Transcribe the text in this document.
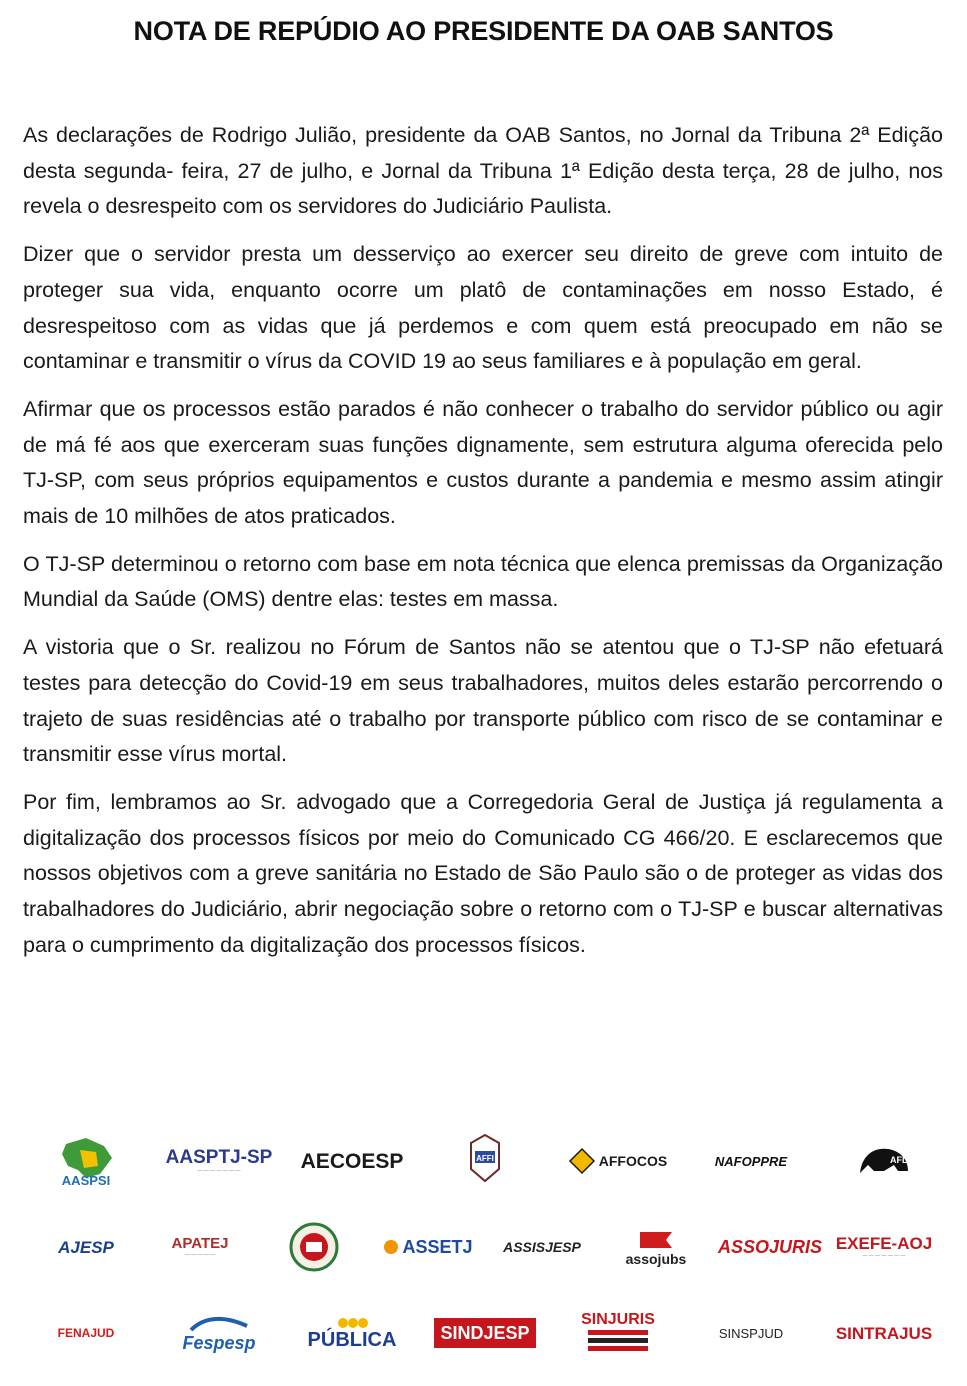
NOTA DE REPÚDIO AO PRESIDENTE DA OAB SANTOS

As declarações de Rodrigo Julião, presidente da OAB Santos, no Jornal da Tribuna 2ª Edição desta segunda- feira, 27 de julho, e Jornal da Tribuna 1ª Edição desta terça, 28 de julho, nos revela o desrespeito com os servidores do Judiciário Paulista.

Dizer que o servidor presta um desserviço ao exercer seu direito de greve com intuito de proteger sua vida, enquanto ocorre um platô de contaminações em nosso Estado, é desrespeitoso com as vidas que já perdemos e com quem está preocupado em não se contaminar e transmitir o vírus da COVID 19 ao seus familiares e à população em geral.

Afirmar que os processos estão parados é não conhecer o trabalho do servidor público ou agir de má fé aos que exerceram suas funções dignamente, sem estrutura alguma oferecida pelo TJ-SP, com seus próprios equipamentos e custos durante a pandemia e mesmo assim atingir mais de 10 milhões de atos praticados.

O TJ-SP determinou o retorno com base em nota técnica que elenca premissas da Organização Mundial da Saúde (OMS) dentre elas: testes em massa.

A vistoria que o Sr. realizou no Fórum de Santos não se atentou que o TJ-SP não efetuará testes para detecção do Covid-19 em seus trabalhadores, muitos deles estarão percorrendo o trajeto de suas residências até o trabalho por transporte público com risco de se contaminar e transmitir esse vírus mortal.

Por fim, lembramos ao Sr. advogado que a Corregedoria Geral de Justiça já regulamenta a digitalização dos processos físicos por meio do Comunicado CG 466/20. E esclarecemos que nossos objetivos com a greve sanitária no Estado de São Paulo são o de proteger as vidas dos trabalhadores do Judiciário, abrir negociação sobre o retorno com o TJ-SP e buscar alternativas para o cumprimento da digitalização dos processos físicos.

AASPSI
AASPTJ-SP
— — — — — — —	AECOESP	AFFI	AFFOCOS	NAFOPPRE	AFDIA
AJESP	APATEJ
— — — — —	ASSETJ ASSISJESP
assojubs
ASSOJURIS EXEFE-AOJ
— — — — — — —
FENAJUD	Fespesp	PÚBLICA	SINDJESP
SINJURIS
SINSPJUD	SINTRAJUS
